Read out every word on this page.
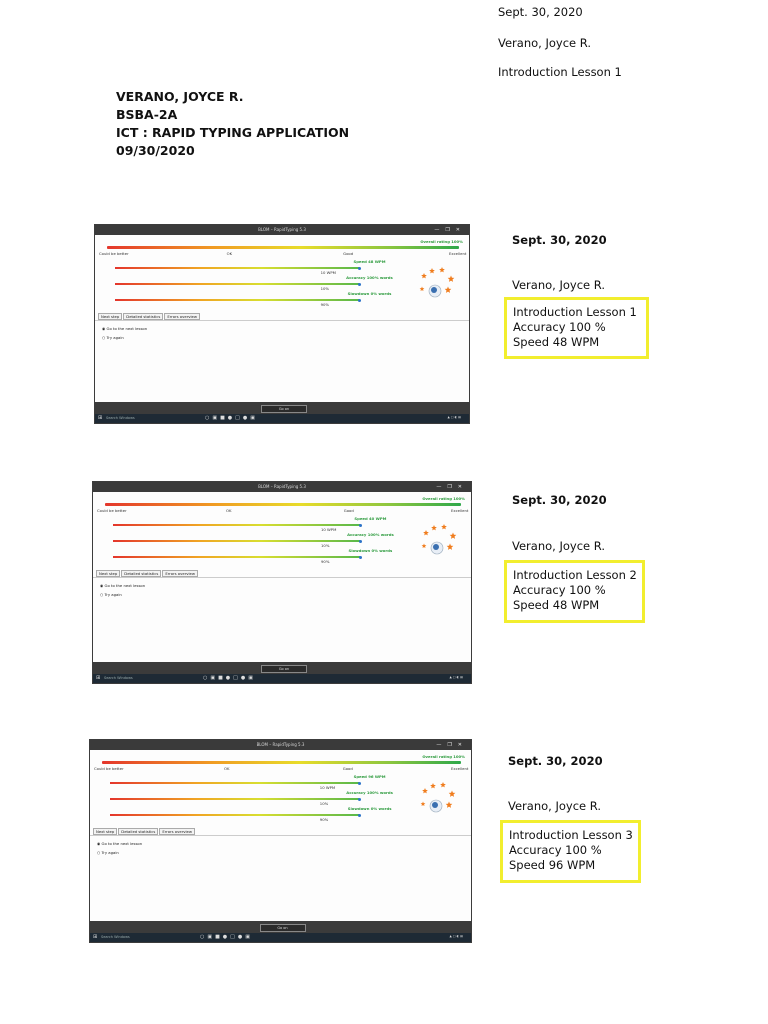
Sept. 30, 2020
Verano, Joyce R.
Introduction Lesson 1
VERANO, JOYCE R.
BSBA-2A
ICT : RAPID TYPING APPLICATION
09/30/2020
BLOM – RapidTyping 5.3	—❐✕
Overall rating 100%
Could be better	OK	Good	Excellent
Speed 48 WPM
10 WPM
Accuracy 100% words
10%
Slowdown 0% words
90%
Next step Detailed statistics Errors overview
◉ Go to the next lesson
○ Try again
Go on
⊞ Search Windows	○▣■●□●▣	▲ □ ◐ ▤
Sept. 30, 2020
Verano, Joyce R.
Introduction Lesson 1
Accuracy 100 %
Speed 48 WPM
BLOM – RapidTyping 5.3	—❐✕
Overall rating 100%
Could be better	OK	Good	Excellent
Speed 40 WPM
10 WPM
Accuracy 100% words
10%
Slowdown 0% words
90%
Next step Detailed statistics Errors overview
◉ Go to the next lesson
○ Try again
Go on
⊞ Search Windows	○▣■●□●▣	▲ □ ◐ ▤
Sept. 30, 2020
Verano, Joyce R.
Introduction Lesson 2
Accuracy 100 %
Speed 48 WPM
BLOM – RapidTyping 5.3	—❐✕
Overall rating 100%
Could be better	OK	Good	Excellent
Speed 96 WPM
10 WPM
Accuracy 100% words
10%
Slowdown 0% words
90%
Next step Detailed statistics Errors overview
◉ Go to the next lesson
○ Try again
Go on
⊞ Search Windows	○▣■●□●▣	▲ □ ◐ ▤
Sept. 30, 2020
Verano, Joyce R.
Introduction Lesson 3
Accuracy 100 %
Speed 96 WPM
